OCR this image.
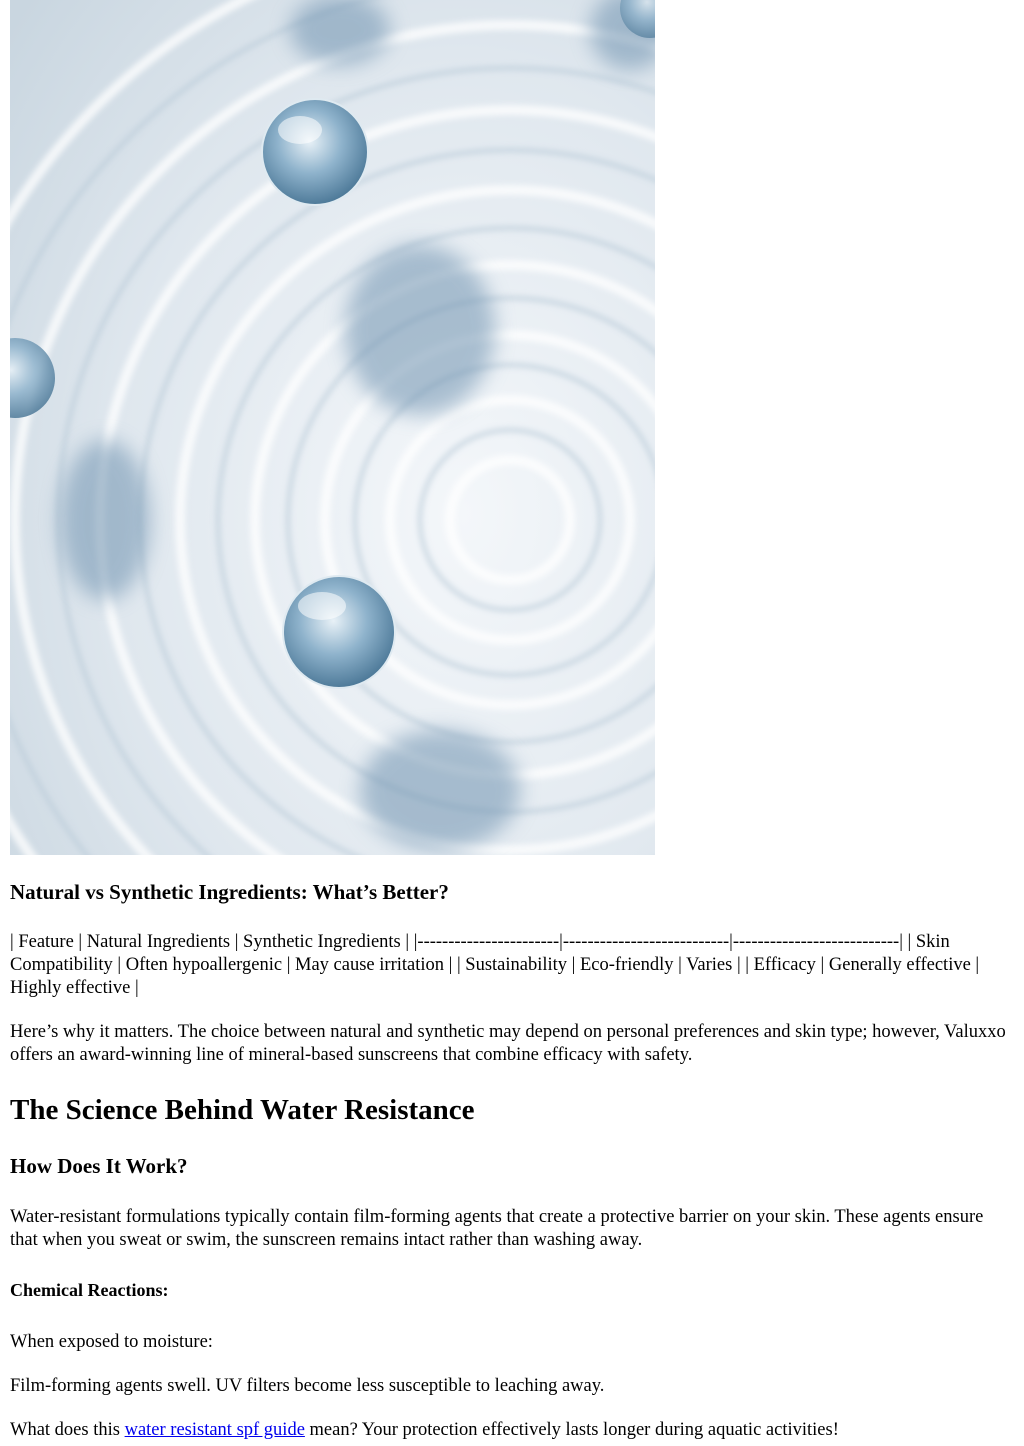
Natural vs Synthetic Ingredients: What’s Better?

| Feature | Natural Ingredients | Synthetic Ingredients | |-----------------------|---------------------------|---------------------------| | Skin Compatibility | Often hypoallergenic | May cause irritation | | Sustainability | Eco-friendly | Varies | | Efficacy | Generally effective | Highly effective |

Here’s why it matters. The choice between natural and synthetic may depend on personal preferences and skin type; however, Valuxxo offers an award-winning line of mineral-based sunscreens that combine efficacy with safety.

The Science Behind Water Resistance
How Does It Work?

Water-resistant formulations typically contain film-forming agents that create a protective barrier on your skin. These agents ensure that when you sweat or swim, the sunscreen remains intact rather than washing away.

Chemical Reactions:

When exposed to moisture:

Film-forming agents swell. UV filters become less susceptible to leaching away.

What does this water resistant spf guide mean? Your protection effectively lasts longer during aquatic activities!
